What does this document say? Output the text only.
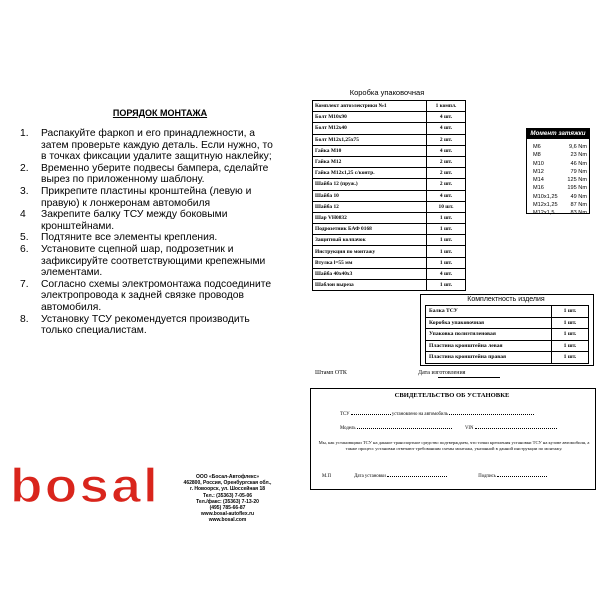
ПОРЯДОК МОНТАЖА
1. Распакуйте фаркоп и его принадлежности, а затем проверьте каждую деталь. Если нужно, то в точках фиксации удалите защитную наклейку;
2. Временно уберите подвесы бампера, сделайте вырез по приложенному шаблону.
3. Прикрепите пластины кронштейна (левую и правую) к лонжеронам автомобиля
4 Закрепите балку ТСУ между боковыми кронштейнами.
5. Подтяните все элементы крепления.
6. Установите сцепной шар, подрозетник и зафиксируйте соответствующими крепежными элементами.
7. Согласно схемы электромонтажа подсоедините электропровода к задней связке проводов автомобиля.
8. Установку ТСУ рекомендуется производить только специалистам.
Коробка упаковочная
Комплект автоэлектрики №1	1 компл.
Болт М10х90	4 шт.
Болт М12х40	4 шт.
Болт М12х1,25х75	2 шт.
Гайка М10	4 шт.
Гайка М12	2 шт.
Гайка М12х1,25 с/контр.	2 шт.
Шайба 12 (пруж.)	2 шт.
Шайба 10	4 шт.
Шайба 12	10 шт.
Шар VH0832	1 шт.
Подрозетник БАФ 0168	1 шт.
Защитный колпачок	1 шт.
Инструкция по монтажу	1 шт.
Втулка l=55 мм	1 шт.
Шайба 40х40х3	4 шт.
Шаблон выреза	1 шт.
Момент затяжки
M6	9,6 Nm
M8	23 Nm
M10	46 Nm
M12	79 Nm
M14	125 Nm
M16	195 Nm
M10x1,25 49 Nm
M12x1,25 87 Nm
M12x1,5	83 Nm
Комплектность изделия
Балка ТСУ	1 шт.
Коробка упаковочная	1 шт.
Упаковка полиэтиленовая	1 шт.
Пластина кронштейна левая	1 шт.
Пластина кронштейна правая	1 шт.
Штамп ОТК	Дата изготовления
СВИДЕТЕЛЬСТВО ОБ УСТАНОВКЕ
ТСУ	установлено на автомобиль
Модель	VIN
Мы, как установщики ТСУ на данное транспортное средство подтверждаем, что точки крепления установки ТСУ на кузове автомобиля, а также процесс установки отвечают требованиям схемы монтажа, указанной в данной инструкции по монтажу.
М.П	Дата установки	Подпись
ООО «Босал-Автофлекс»
462800, Россия, Оренбургская обл.,
г. Новоорск, ул. Шоссейная 18
Тел.: (35363) 7-05-06
Тел./факс: (35363) 7-13-20
(495) 785-66-87
www.bosal-autoflex.ru
www.bosal.com
bosal
